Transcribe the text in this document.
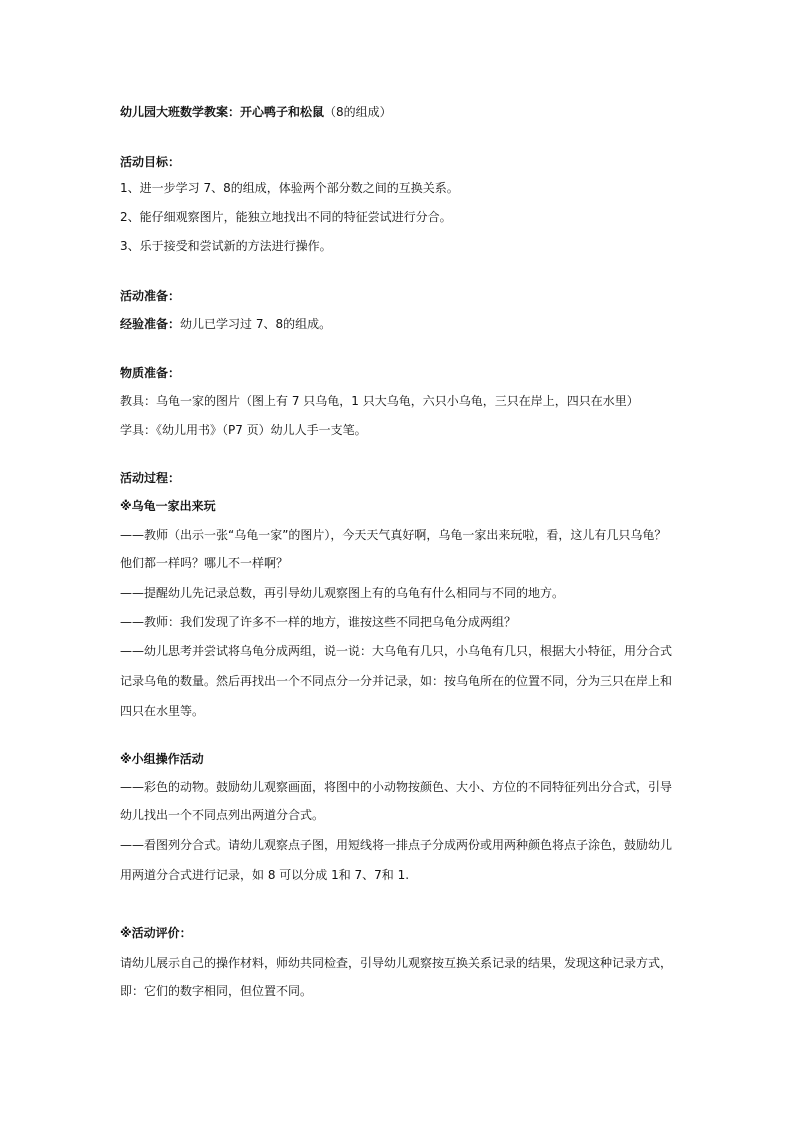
幼儿园大班数学教案：开心鸭子和松鼠（8的组成）
活动目标：
1、进一步学习 7、8的组成，体验两个部分数之间的互换关系。
2、能仔细观察图片，能独立地找出不同的特征尝试进行分合。
3、乐于接受和尝试新的方法进行操作。
活动准备：
经验准备：幼儿已学习过 7、8的组成。
物质准备：
教具：乌龟一家的图片（图上有 7 只乌龟，1 只大乌龟，六只小乌龟，三只在岸上，四只在水里）
学具：《幼儿用书》（P7 页）幼儿人手一支笔。
活动过程：
※乌龟一家出来玩
——教师（出示一张“乌龟一家”的图片），今天天气真好啊，乌龟一家出来玩啦，看，这儿有几只乌龟？
他们都一样吗？哪儿不一样啊？
——提醒幼儿先记录总数，再引导幼儿观察图上有的乌龟有什么相同与不同的地方。
——教师：我们发现了许多不一样的地方，谁按这些不同把乌龟分成两组？
——幼儿思考并尝试将乌龟分成两组，说一说：大乌龟有几只，小乌龟有几只，根据大小特征，用分合式
记录乌龟的数量。然后再找出一个不同点分一分并记录，如：按乌龟所在的位置不同，分为三只在岸上和
四只在水里等。
※小组操作活动
——彩色的动物。鼓励幼儿观察画面，将图中的小动物按颜色、大小、方位的不同特征列出分合式，引导
幼儿找出一个不同点列出两道分合式。
——看图列分合式。请幼儿观察点子图，用短线将一排点子分成两份或用两种颜色将点子涂色，鼓励幼儿
用两道分合式进行记录，如 8 可以分成 1和 7、7和 1.
※活动评价：
请幼儿展示自己的操作材料，师幼共同检查，引导幼儿观察按互换关系记录的结果，发现这种记录方式，
即：它们的数字相同，但位置不同。
